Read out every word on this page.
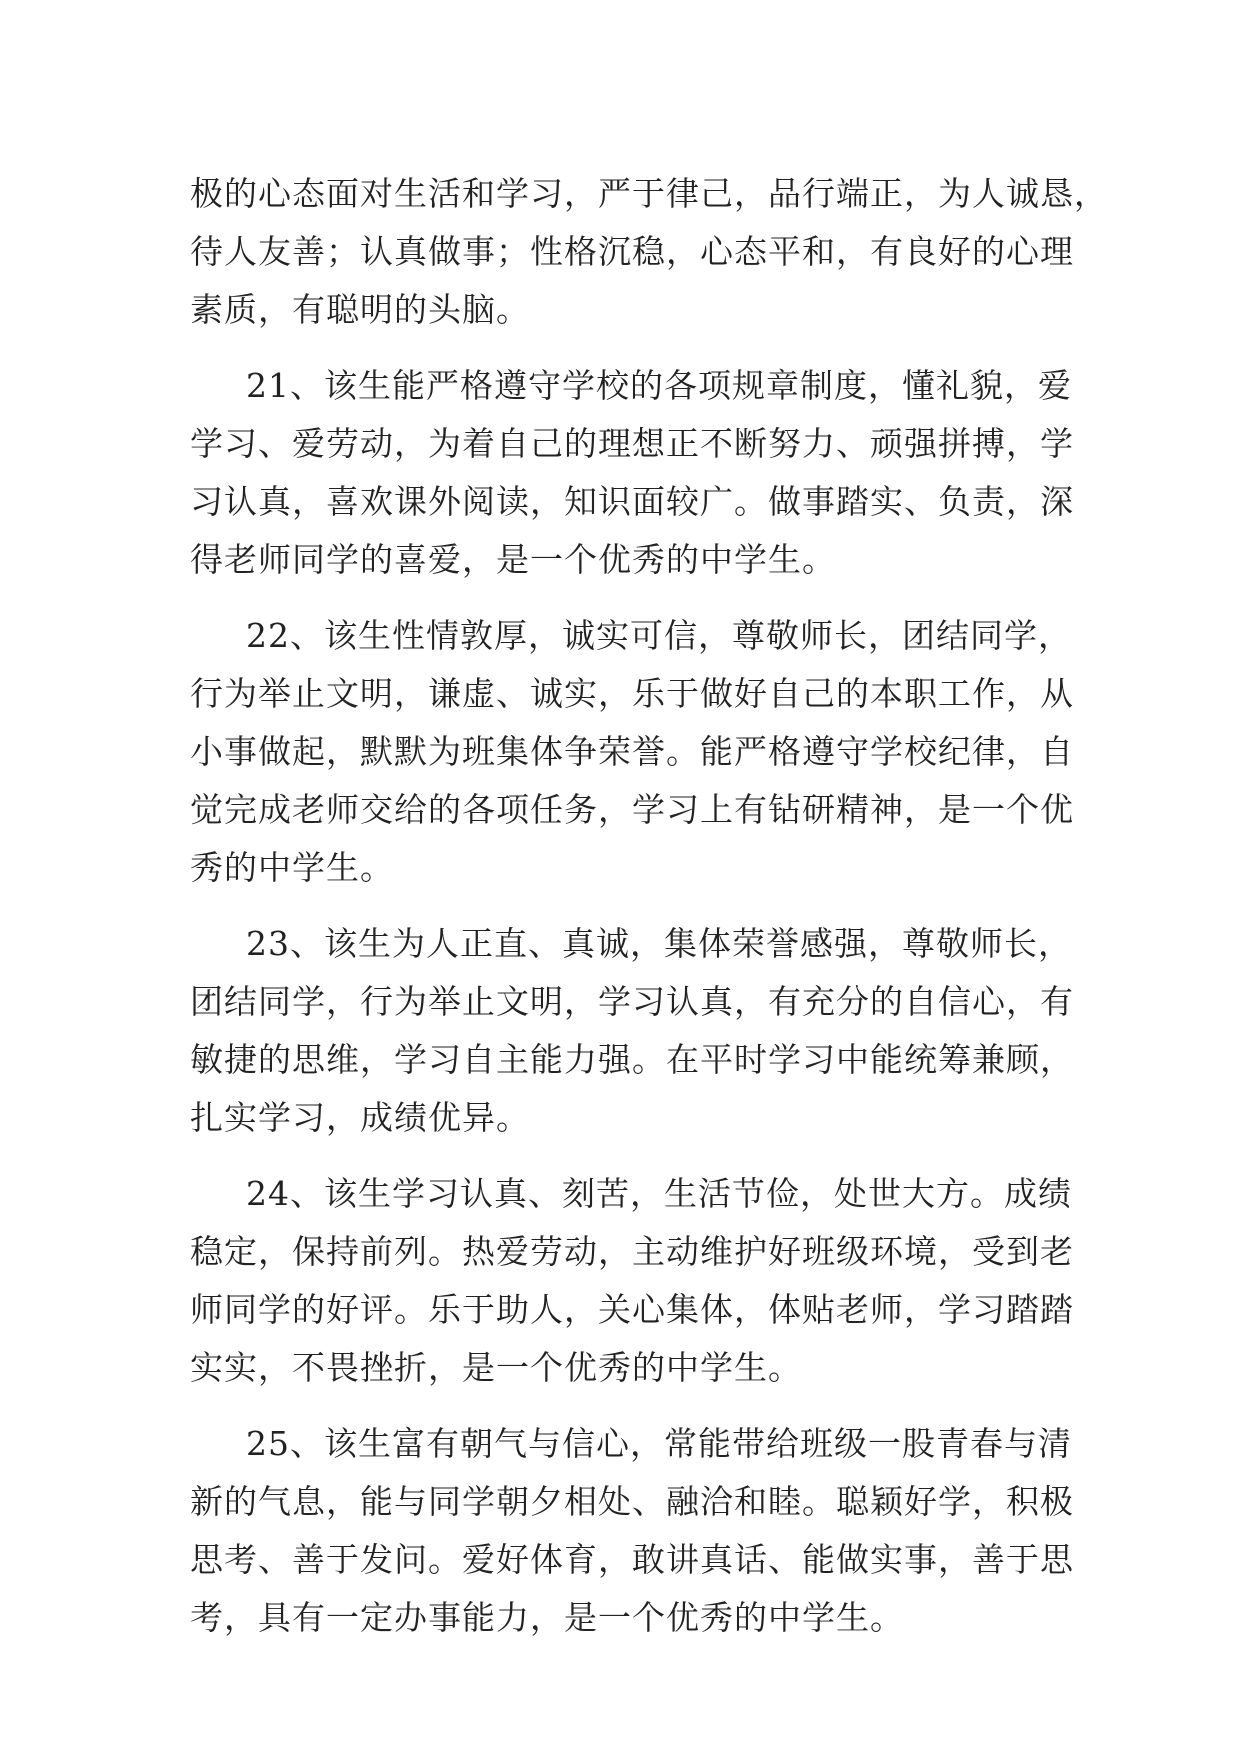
极的心态面对生活和学习，严于律己，品行端正，为人诚恳，
待人友善；认真做事；性格沉稳，心态平和，有良好的心理
素质，有聪明的头脑。
21、该生能严格遵守学校的各项规章制度，懂礼貌，爱
学习、爱劳动，为着自己的理想正不断努力、顽强拼搏，学
习认真，喜欢课外阅读，知识面较广。做事踏实、负责，深
得老师同学的喜爱，是一个优秀的中学生。
22、该生性情敦厚，诚实可信，尊敬师长，团结同学，
行为举止文明，谦虚、诚实，乐于做好自己的本职工作，从
小事做起，默默为班集体争荣誉。能严格遵守学校纪律，自
觉完成老师交给的各项任务，学习上有钻研精神，是一个优
秀的中学生。
23、该生为人正直、真诚，集体荣誉感强，尊敬师长，
团结同学，行为举止文明，学习认真，有充分的自信心，有
敏捷的思维，学习自主能力强。在平时学习中能统筹兼顾，
扎实学习，成绩优异。
24、该生学习认真、刻苦，生活节俭，处世大方。成绩
稳定，保持前列。热爱劳动，主动维护好班级环境，受到老
师同学的好评。乐于助人，关心集体，体贴老师，学习踏踏
实实，不畏挫折，是一个优秀的中学生。
25、该生富有朝气与信心，常能带给班级一股青春与清
新的气息，能与同学朝夕相处、融洽和睦。聪颖好学，积极
思考、善于发问。爱好体育，敢讲真话、能做实事，善于思
考，具有一定办事能力，是一个优秀的中学生。
